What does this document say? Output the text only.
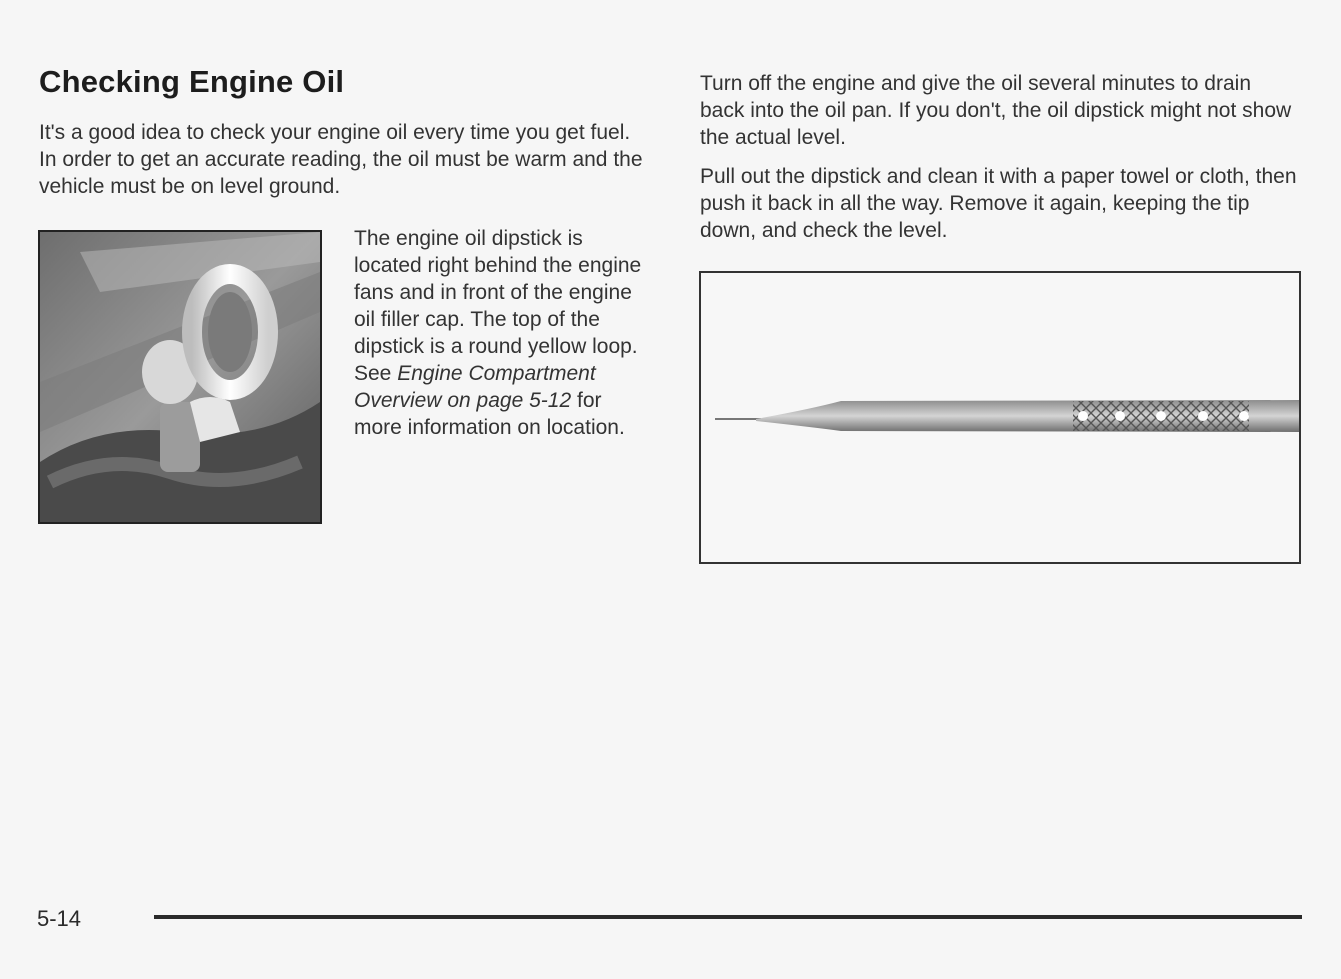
Checking Engine Oil

It's a good idea to check your engine oil every time you get fuel. In order to get an accurate reading, the oil must be warm and the vehicle must be on level ground.

The engine oil dipstick is located right behind the engine fans and in front of the engine oil filler cap. The top of the dipstick is a round yellow loop. See Engine Compartment Overview on page 5-12 for more information on location.

Turn off the engine and give the oil several minutes to drain back into the oil pan. If you don't, the oil dipstick might not show the actual level.

Pull out the dipstick and clean it with a paper towel or cloth, then push it back in all the way. Remove it again, keeping the tip down, and check the level.

5-14
